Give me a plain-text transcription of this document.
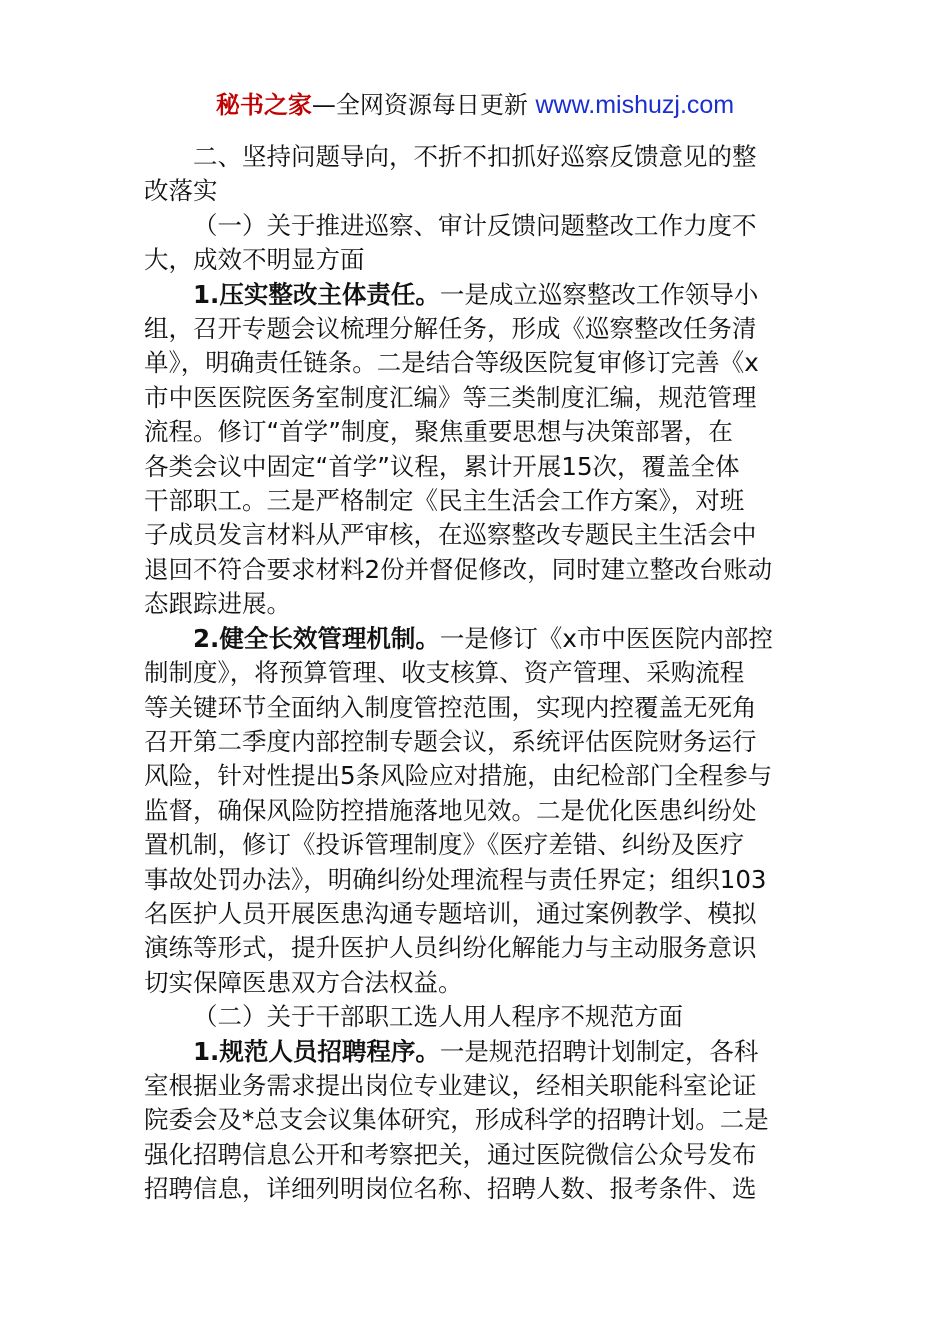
秘书之家—全网资源每日更新 www.mishuzj.com
二、坚持问题导向，不折不扣抓好巡察反馈意见的整
改落实
（一）关于推进巡察、审计反馈问题整改工作力度不
大，成效不明显方面
1.压实整改主体责任。一是成立巡察整改工作领导小
组，召开专题会议梳理分解任务，形成《巡察整改任务清
单》，明确责任链条。二是结合等级医院复审修订完善《x
市中医医院医务室制度汇编》等三类制度汇编，规范管理
流程。修订“首学”制度，聚焦重要思想与决策部署，在
各类会议中固定“首学”议程，累计开展15次，覆盖全体
干部职工。三是严格制定《民主生活会工作方案》，对班
子成员发言材料从严审核，在巡察整改专题民主生活会中
退回不符合要求材料2份并督促修改，同时建立整改台账动
态跟踪进展。
2.健全长效管理机制。一是修订《x市中医医院内部控
制制度》，将预算管理、收支核算、资产管理、采购流程
等关键环节全面纳入制度管控范围，实现内控覆盖无死角
召开第二季度内部控制专题会议，系统评估医院财务运行
风险，针对性提出5条风险应对措施，由纪检部门全程参与
监督，确保风险防控措施落地见效。二是优化医患纠纷处
置机制，修订《投诉管理制度》《医疗差错、纠纷及医疗
事故处罚办法》，明确纠纷处理流程与责任界定；组织103
名医护人员开展医患沟通专题培训，通过案例教学、模拟
演练等形式，提升医护人员纠纷化解能力与主动服务意识
切实保障医患双方合法权益。
（二）关于干部职工选人用人程序不规范方面
1.规范人员招聘程序。一是规范招聘计划制定，各科
室根据业务需求提出岗位专业建议，经相关职能科室论证
院委会及*总支会议集体研究，形成科学的招聘计划。二是
强化招聘信息公开和考察把关，通过医院微信公众号发布
招聘信息，详细列明岗位名称、招聘人数、报考条件、选
